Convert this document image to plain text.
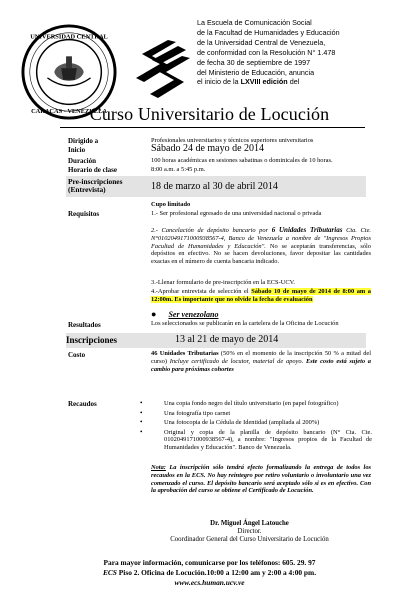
UNIVERSIDAD CENTRAL
CARACAS - VENEZUELA
La Escuela de Comunicación Social
de la Facultad de Humanidades y Educación
de la Universidad Central de Venezuela,
de conformidad con la Resolución N° 1.478
de fecha 30 de septiembre de 1997
del Ministerio de Educación, anuncia
el inicio de la LXVIII edición del
Curso Universitario de Locución
Dirigido a	Profesionales universitarios y técnicos superiores universitarios
Inicio	Sábado 24 de mayo de 2014
Duración	100 horas académicas en sesiones sabatinas o dominicales de 10 horas.
Horario de clase	8:00 a.m. a 5:45 p.m.
Pre-inscripciones
(Entrevista)	18 de marzo al 30 de abril 2014
Cupo limitado
Requisitos	1.- Ser profesional egresado de una universidad nacional o privada
2.- Cancelación de depósito bancario por 6 Unidades Tributarias Cta. Cte. N°0102049171000938567-4, Banco de Venezuela a nombre de "Ingresos Propios Facultad de Humanidades y Educación". No se aceptarán transferencias, sólo depósitos en efectivo. No se hacen devoluciones, favor depositar las cantidades exactas en el número de cuenta bancaria indicado.
3.-Llenar formulario de pre-inscripción en la ECS-UCV.
4.-Aprobar entrevista de selección el Sábado 10 de mayo de 2014 de 8:00 am a 12:00m. Es importante que no olvide la fecha de evaluación
● Ser venezolano
Resultados	Los seleccionados se publicarán en la cartelera de la Oficina de Locución
Inscripciones	13 al 21 de mayo de 2014
Costo	46 Unidades Tributarias (50% en el momento de la inscripción 50 % a mitad del curso) Incluye certificado de locutor, material de apoyo. Este costo está sujeto a cambio para próximas cohortes
Recaudos	•	Una copia fondo negro del título universitario (en papel fotográfico)
•	Una fotografía tipo carnet
•	Una fotocopia de la Cédula de Identidad (ampliada al 200%)
•	Original y copia de la planilla de depósito bancario (N° Cta. Cte. 0102049171000938567-4), a nombre: "Ingresos propios de la Facultad de Humanidades y Educación". Banco de Venezuela.
Nota: La inscripción sólo tendrá efecto formalizando la entrega de todos los recaudos en la ECS. No hay reintegro por retiro voluntario o involuntario una vez comenzado el curso. El depósito bancario será aceptado sólo si es en efectivo. Con la aprobación del curso se obtiene el Certificado de Locución.
Dr. Miguel Ángel Latouche
Director.
Coordinador General del Curso Universitario de Locución
Para mayor información, comunicarse por los teléfonos: 605. 29. 97
ECS Piso 2. Oficina de Locución.10:00 a 12:00 am y 2:00 a 4:00 pm.
www.ecs.human.ucv.ve
